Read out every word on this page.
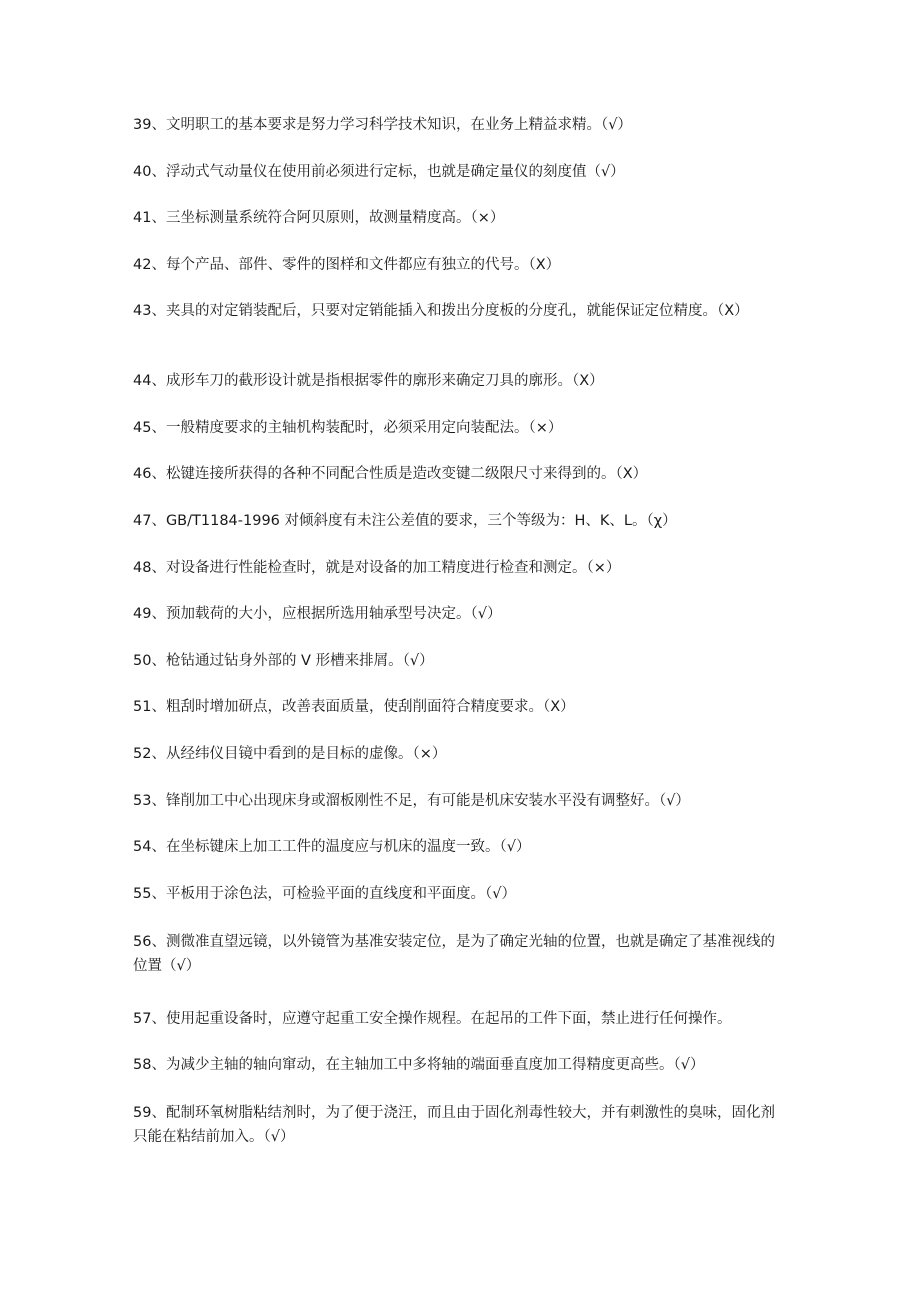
39、文明职工的基本要求是努力学习科学技术知识，在业务上精益求精。（√）
40、浮动式气动量仪在使用前必须进行定标，也就是确定量仪的刻度值（√）
41、三坐标测量系统符合阿贝原则，故测量精度高。（×）
42、每个产品、部件、零件的图样和文件都应有独立的代号。（X）
43、夹具的对定销装配后，只要对定销能插入和拨出分度板的分度孔，就能保证定位精度。（X）
44、成形车刀的截形设计就是指根据零件的廓形来确定刀具的廓形。（X）
45、一般精度要求的主轴机构装配时，必须采用定向装配法。（×）
46、松键连接所获得的各种不同配合性质是造改变键二级限尺寸来得到的。（X）
47、GB/T1184-1996 对倾斜度有未注公差值的要求，三个等级为：H、K、L。（χ）
48、对设备进行性能检查时，就是对设备的加工精度进行检查和测定。（×）
49、预加载荷的大小，应根据所选用轴承型号决定。（√）
50、枪钻通过钻身外部的 V 形槽来排屑。（√）
51、粗刮时增加研点，改善表面质量，使刮削面符合精度要求。（X）
52、从经纬仪目镜中看到的是目标的虚像。（×）
53、锋削加工中心出现床身或溜板刚性不足，有可能是机床安装水平没有调整好。（√）
54、在坐标键床上加工工件的温度应与机床的温度一致。（√）
55、平板用于涂色法，可检验平面的直线度和平面度。（√）
56、测微准直望远镜，以外镜管为基准安装定位，是为了确定光轴的位置，也就是确定了基准视线的位置（√）
57、使用起重设备时，应遵守起重工安全操作规程。在起吊的工件下面，禁止进行任何操作。
58、为减少主轴的轴向窜动，在主轴加工中多将轴的端面垂直度加工得精度更高些。（√）
59、配制环氧树脂粘结剂时，为了便于浇汪，而且由于固化剂毒性较大，并有刺激性的臭味，固化剂只能在粘结前加入。（√）
